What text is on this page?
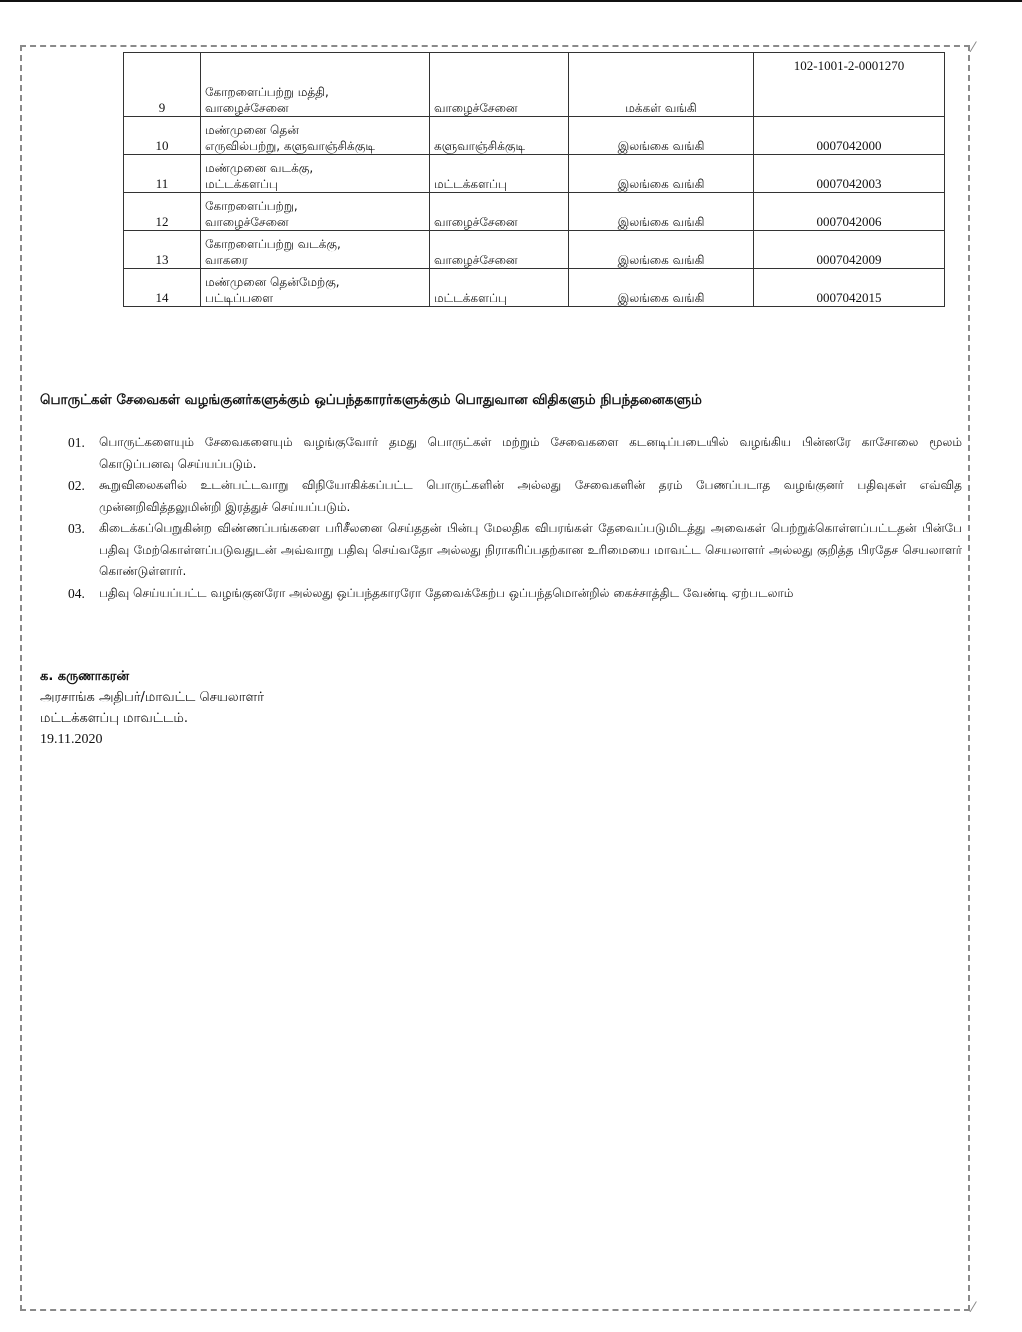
⁄
⁄
9	கோறளைப்பற்று மத்தி,
வாழைச்சேனை	வாழைச்சேனை	மக்கள் வங்கி	102-1001-2-0001270
10	மண்முனை தென்
எருவில்பற்று, களுவாஞ்சிக்குடி	களுவாஞ்சிக்குடி	இலங்கை வங்கி	0007042000
11	மண்முனை வடக்கு,
மட்டக்களப்பு	மட்டக்களப்பு	இலங்கை வங்கி	0007042003
12	கோறளைப்பற்று,
வாழைச்சேனை	வாழைச்சேனை	இலங்கை வங்கி	0007042006
13	கோறளைப்பற்று வடக்கு,
வாகரை	வாழைச்சேனை	இலங்கை வங்கி	0007042009
14	மண்முனை தென்மேற்கு,
பட்டிப்பளை	மட்டக்களப்பு	இலங்கை வங்கி	0007042015
பொருட்கள் சேவைகள் வழங்குனர்களுக்கும் ஒப்பந்தகாரர்களுக்கும் பொதுவான விதிகளும் நிபந்தனைகளும்
01. பொருட்களையும் சேவைகளையும் வழங்குவோர் தமது பொருட்கள் மற்றும் சேவைகளை கடனடிப்படையில் வழங்கிய பின்னரே காசோலை மூலம் கொடுப்பனவு செய்யப்படும்.
02. கூறுவிலைகளில் உடன்பட்டவாறு விநியோகிக்கப்பட்ட பொருட்களின் அல்லது சேவைகளின் தரம் பேணப்படாத வழங்குனர் பதிவுகள் எவ்வித முன்னறிவித்தலுமின்றி இரத்துச் செய்யப்படும்.
03. கிடைக்கப்பெறுகின்ற விண்ணப்பங்களை பரிசீலனை செய்ததன் பின்பு மேலதிக விபரங்கள் தேவைப்படுமிடத்து அவைகள் பெற்றுக்கொள்ளப்பட்டதன் பின்பே பதிவு மேற்கொள்ளப்படுவதுடன் அவ்வாறு பதிவு செய்வதோ அல்லது நிராகரிப்பதற்கான உரிமையை மாவட்ட செயலாளர் அல்லது குறித்த பிரதேச செயலாளர் கொண்டுள்ளார்.
04. பதிவு செய்யப்பட்ட வழங்குனரோ அல்லது ஒப்பந்தகாரரோ தேவைக்கேற்ப ஒப்பந்தமொன்றில் கைச்சாத்திட வேண்டி ஏற்படலாம்
க. கருணாகரன்
அரசாங்க அதிபர்/மாவட்ட செயலாளர்
மட்டக்களப்பு மாவட்டம்.
19.11.2020
